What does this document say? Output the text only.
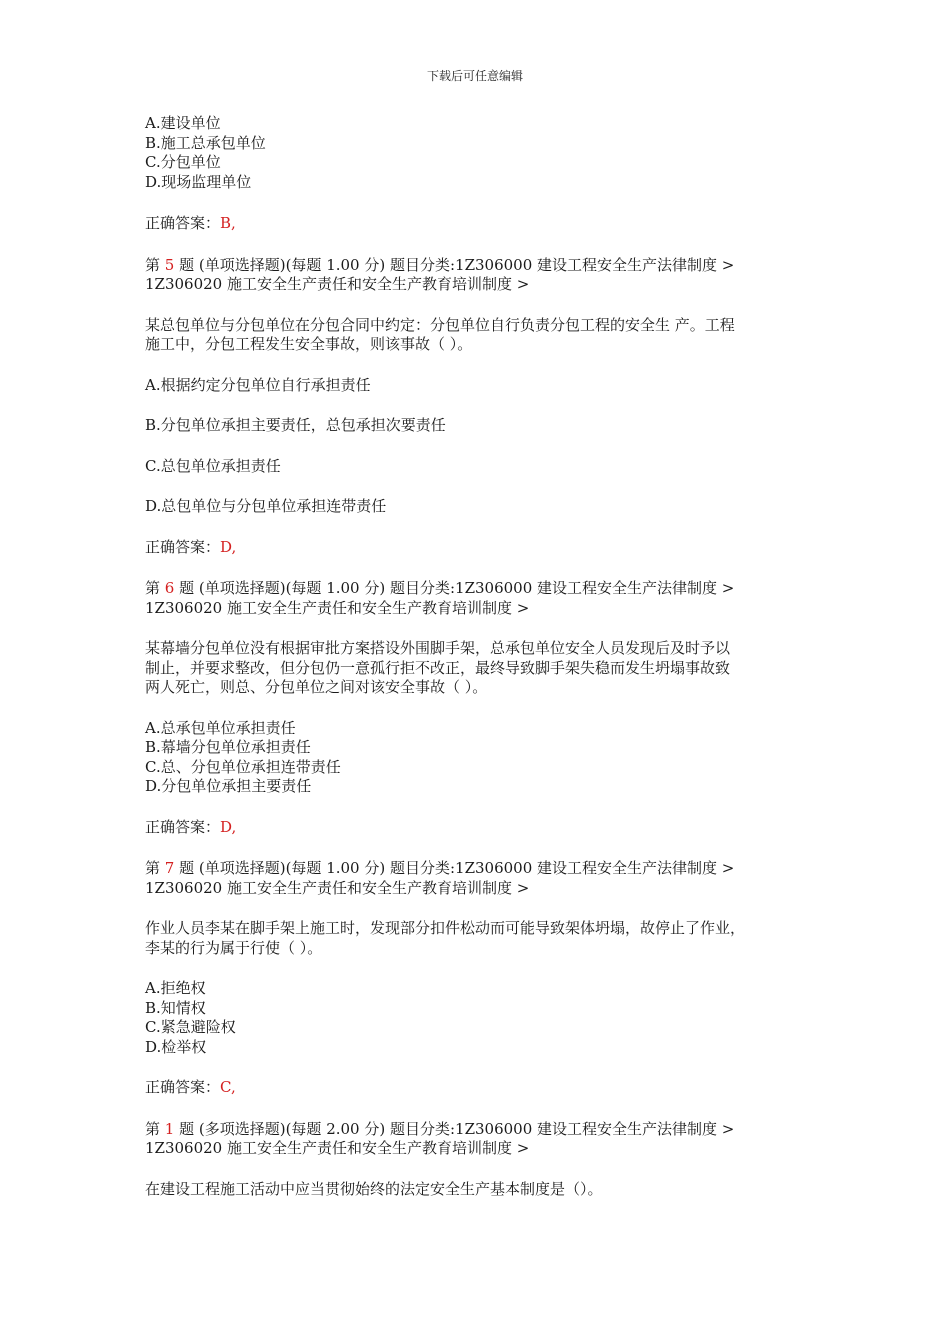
下载后可任意编辑

A.建设单位

B.施工总承包单位

C.分包单位

D.现场监理单位

正确答案：B,

第 5 题 (单项选择题)(每题 1.00 分) 题目分类:1Z306000 建设工程安全生产法律制度 >

1Z306020 施工安全生产责任和安全生产教育培训制度 >

某总包单位与分包单位在分包合同中约定：分包单位自行负责分包工程的安全生 产。工程

施工中，分包工程发生安全事故，则该事故（ ）。

A.根据约定分包单位自行承担责任

B.分包单位承担主要责任，总包承担次要责任

C.总包单位承担责任

D.总包单位与分包单位承担连带责任

正确答案：D,

第 6 题 (单项选择题)(每题 1.00 分) 题目分类:1Z306000 建设工程安全生产法律制度 >

1Z306020 施工安全生产责任和安全生产教育培训制度 >

某幕墙分包单位没有根据审批方案搭设外围脚手架，总承包单位安全人员发现后及时予以

制止，并要求整改，但分包仍一意孤行拒不改正，最终导致脚手架失稳而发生坍塌事故致

两人死亡，则总、分包单位之间对该安全事故（ ）。

A.总承包单位承担责任

B.幕墙分包单位承担责任

C.总、分包单位承担连带责任

D.分包单位承担主要责任

正确答案：D,

第 7 题 (单项选择题)(每题 1.00 分) 题目分类:1Z306000 建设工程安全生产法律制度 >

1Z306020 施工安全生产责任和安全生产教育培训制度 >

作业人员李某在脚手架上施工时，发现部分扣件松动而可能导致架体坍塌，故停止了作业，

李某的行为属于行使（ ）。

A.拒绝权

B.知情权

C.紧急避险权

D.检举权

正确答案：C,

第 1 题 (多项选择题)(每题 2.00 分) 题目分类:1Z306000 建设工程安全生产法律制度 >

1Z306020 施工安全生产责任和安全生产教育培训制度 >

在建设工程施工活动中应当贯彻始终的法定安全生产基本制度是（）。
